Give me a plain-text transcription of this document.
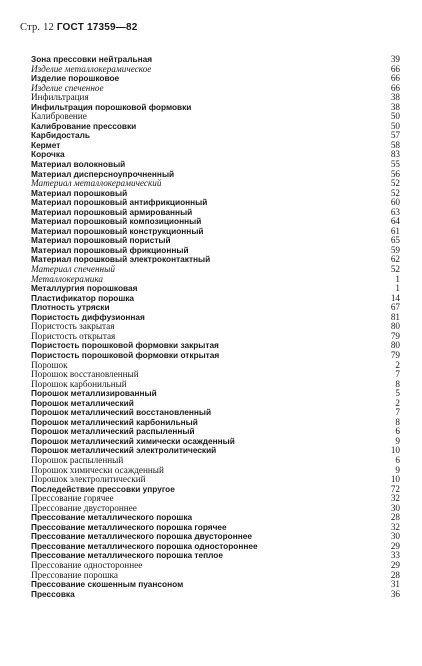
Стр. 12 ГОСТ 17359—82
Зона прессовки нейтральная	39
Изделие металлокерамическое	66
Изделие порошковое	66
Изделие спеченное	66
Инфильтрация	38
Инфильтрация порошковой формовки	38
Калибровение	50
Калибрование прессовки	50
Карбидосталь	57
Кермет	58
Корочка	83
Материал волокновый	55
Материал дисперсноупрочненный	56
Материал металлокерамический	52
Материал порошковый	52
Материал порошковый антифрикционный	60
Материал порошковый армированный	63
Материал порошковый композиционный	64
Материал порошковый конструкционный	61
Материал порошковый пористый	65
Материал порошковый фрикционный	59
Материал порошковый электроконтактный	62
Материал спеченный	52
Металлокерамика	1
Металлургия порошковая	1
Пластификатор порошка	14
Плотность утряски	67
Пористость диффузионная	81
Пористость закрытая	80
Пористость открытая	79
Пористость порошковой формовки закрытая	80
Пористость порошковой формовки открытая	79
Порошок	2
Порошок восстановленный	7
Порошок карбонильный	8
Порошок металлизированный	5
Порошок металлический	2
Порошок металлический восстановленный	7
Порошок металлический карбонильный	8
Порошок металлический распыленный	6
Порошок металлический химически осажденный	9
Порошок металлический электролитический	10
Порошок распыленный	6
Порошок химически осажденный	9
Порошок электролитический	10
Последействие прессовки упругое	72
Прессование горячее	32
Прессование двустороннее	30
Прессование металлического порошка	28
Прессование металлического порошка горячее	32
Прессование металлического порошка двустороннее	30
Прессование металлического порошка одностороннее	29
Прессование металлического порошка теплое	33
Прессование одностороннее	29
Прессование порошка	28
Прессование скошенным пуансоном	31
Прессовка	36
